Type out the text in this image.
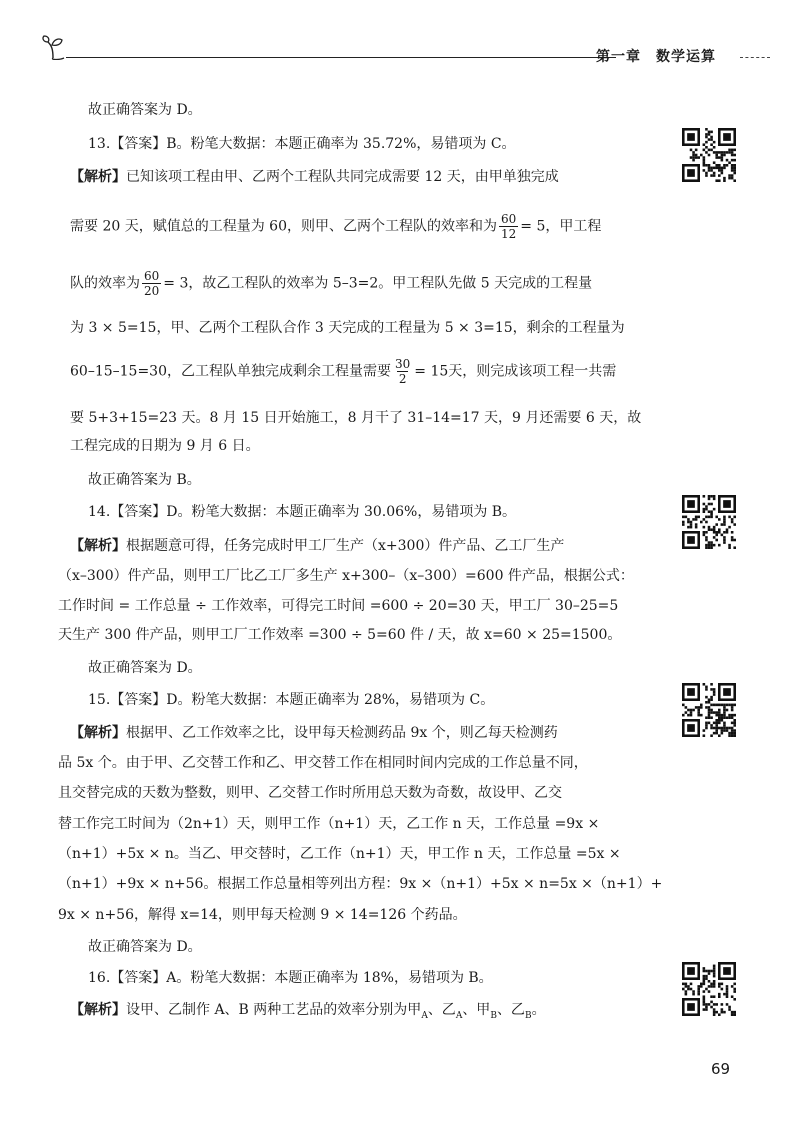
第一章　数学运算

故正确答案为 D。

13.【答案】B。粉笔大数据：本题正确率为 35.72%，易错项为 C。

【解析】已知该项工程由甲、乙两个工程队共同完成需要 12 天，由甲单独完成

需要 20 天，赋值总的工程量为 60，则甲、乙两个工程队的效率和为 $\frac{60}{12} = 5$，甲工程

队的效率为 $\frac{60}{20} = 3$，故乙工程队的效率为 5–3=2。甲工程队先做 5 天完成的工程量

为 3 × 5=15，甲、乙两个工程队合作 3 天完成的工程量为 5 × 3=15，剩余的工程量为

60–15–15=30，乙工程队单独完成剩余工程量需要 $\frac{30}{2} = 15$天，则完成该项工程一共需

要 5+3+15=23 天。8 月 15 日开始施工，8 月干了 31–14=17 天，9 月还需要 6 天，故

工程完成的日期为 9 月 6 日。

故正确答案为 B。

14.【答案】D。粉笔大数据：本题正确率为 30.06%，易错项为 B。

【解析】根据题意可得，任务完成时甲工厂生产（x+300）件产品、乙工厂生产

（x–300）件产品，则甲工厂比乙工厂多生产 x+300–（x–300）=600 件产品，根据公式：

工作时间 = 工作总量 ÷ 工作效率，可得完工时间 =600 ÷ 20=30 天，甲工厂 30–25=5

天生产 300 件产品，则甲工厂工作效率 =300 ÷ 5=60 件 / 天，故 x=60 × 25=1500。

故正确答案为 D。

15.【答案】D。粉笔大数据：本题正确率为 28%，易错项为 C。

【解析】根据甲、乙工作效率之比，设甲每天检测药品 9x 个，则乙每天检测药

品 5x 个。由于甲、乙交替工作和乙、甲交替工作在相同时间内完成的工作总量不同，

且交替完成的天数为整数，则甲、乙交替工作时所用总天数为奇数，故设甲、乙交

替工作完工时间为（2n+1）天，则甲工作（n+1）天，乙工作 n 天，工作总量 =9x ×

（n+1）+5x × n。当乙、甲交替时，乙工作（n+1）天，甲工作 n 天，工作总量 =5x ×

（n+1）+9x × n+56。根据工作总量相等列出方程：9x ×（n+1）+5x × n=5x ×（n+1）+

9x × n+56，解得 x=14，则甲每天检测 9 × 14=126 个药品。

故正确答案为 D。

16.【答案】A。粉笔大数据：本题正确率为 18%，易错项为 B。

【解析】设甲、乙制作 A、B 两种工艺品的效率分别为甲$_A$、乙$_A$、甲$_B$、乙$_B$。

69
